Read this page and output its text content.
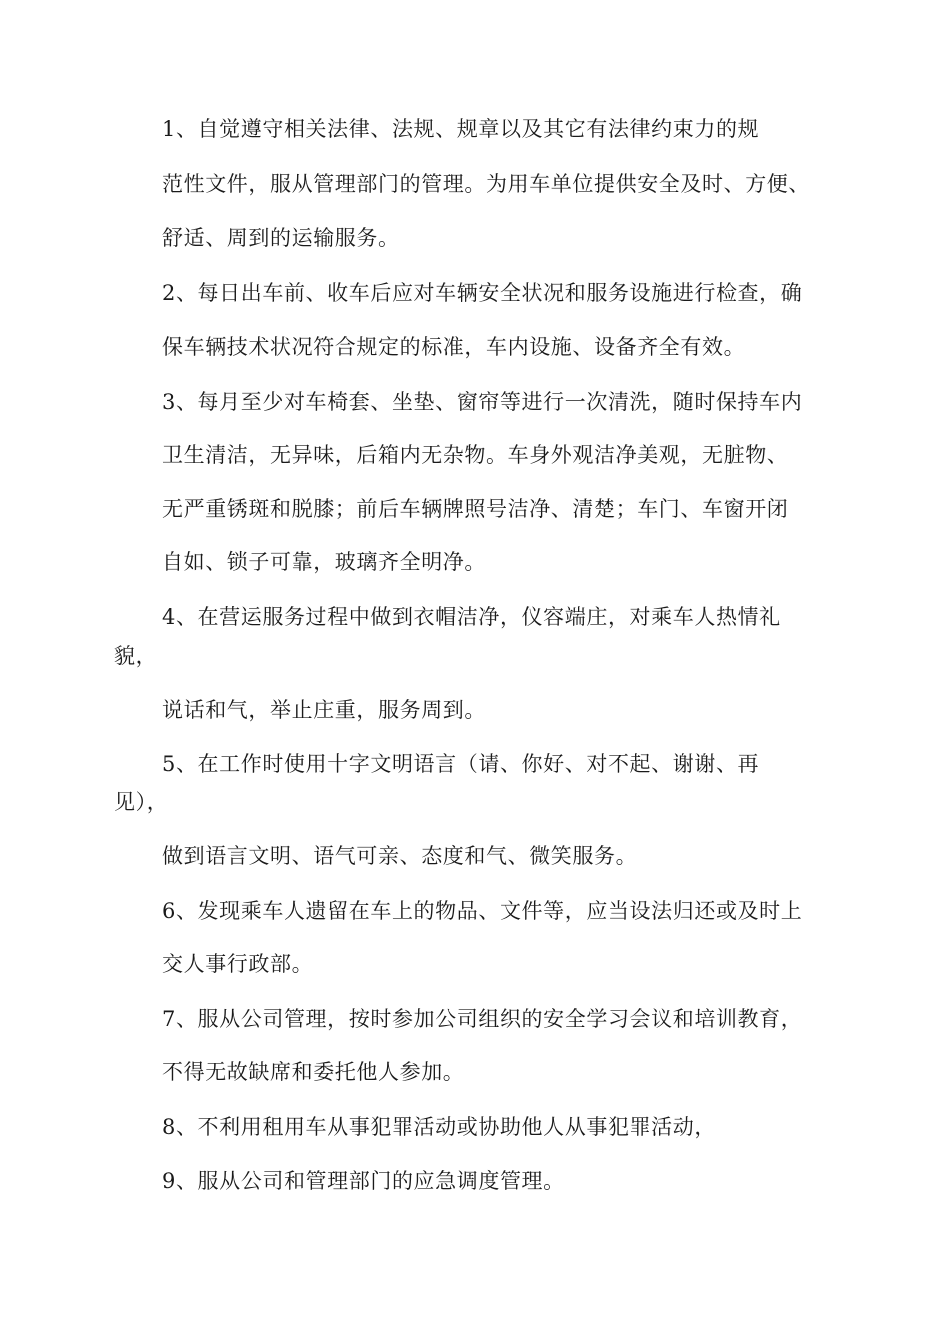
1、自觉遵守相关法律、法规、规章以及其它有法律约束力的规
范性文件，服从管理部门的管理。为用车单位提供安全及时、方便、
舒适、周到的运输服务。
2、每日出车前、收车后应对车辆安全状况和服务设施进行检查，确
保车辆技术状况符合规定的标准，车内设施、设备齐全有效。
3、每月至少对车椅套、坐垫、窗帘等进行一次清洗，随时保持车内
卫生清洁，无异味，后箱内无杂物。车身外观洁净美观，无脏物、
无严重锈斑和脱膝；前后车辆牌照号洁净、清楚；车门、车窗开闭
自如、锁子可靠，玻璃齐全明净。
4、在营运服务过程中做到衣帽洁净，仪容端庄，对乘车人热情礼
貌，
说话和气，举止庄重，服务周到。
5、在工作时使用十字文明语言（请、你好、对不起、谢谢、再
见），
做到语言文明、语气可亲、态度和气、微笑服务。
6、发现乘车人遗留在车上的物品、文件等，应当设法归还或及时上
交人事行政部。
7、服从公司管理，按时参加公司组织的安全学习会议和培训教育，
不得无故缺席和委托他人参加。
8、不利用租用车从事犯罪活动或协助他人从事犯罪活动，
9、服从公司和管理部门的应急调度管理。
